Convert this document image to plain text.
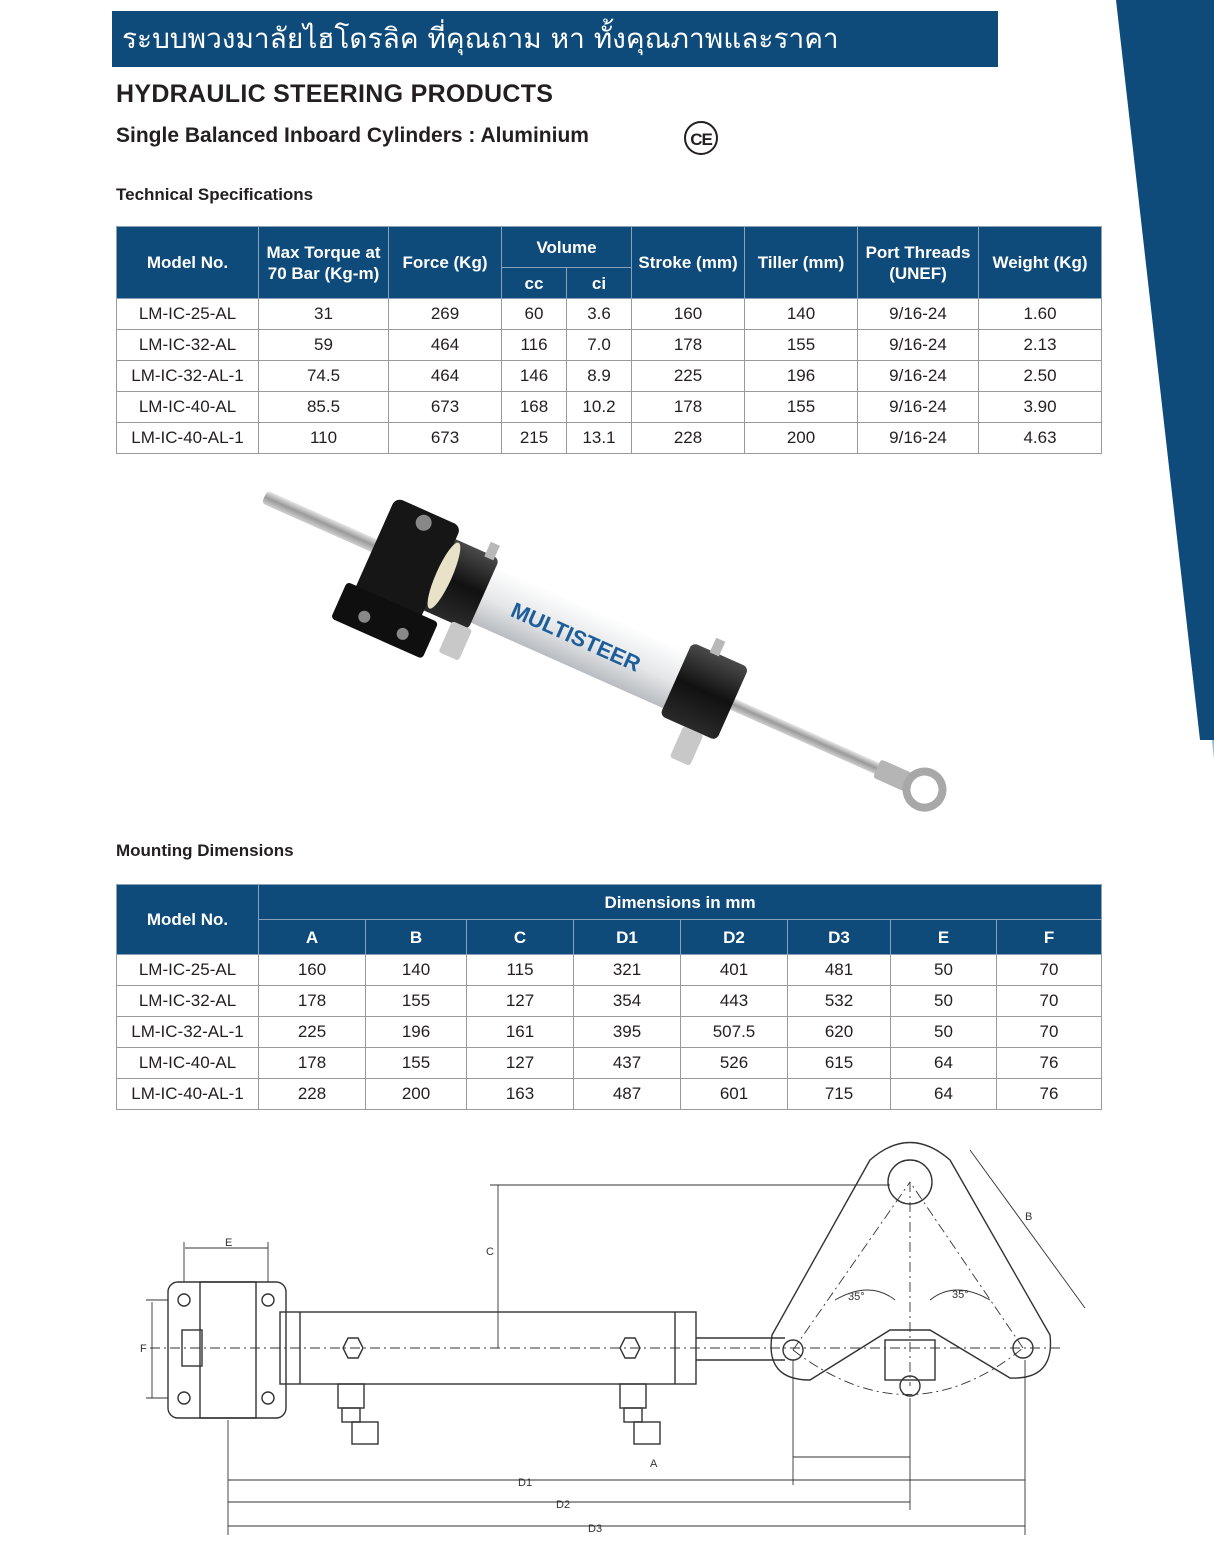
ระบบพวงมาลัยไฮโดรลิค ที่คุณถาม หา ทั้งคุณภาพและราคา
HYDRAULIC STEERING PRODUCTS
Single Balanced Inboard Cylinders : Aluminium	CE
Technical Specifications
Model No.	Max Torque at 70 Bar (Kg-m)	Force (Kg)	Volume		Stroke (mm)	Tiller (mm)	Port Threads (UNEF)	Weight (Kg)
			cc	ci				
LM-IC-25-AL	31	269	60	3.6	160	140	9/16-24	1.60
LM-IC-32-AL	59	464	116	7.0	178	155	9/16-24	2.13
LM-IC-32-AL-1	74.5	464	146	8.9	225	196	9/16-24	2.50
LM-IC-40-AL	85.5	673	168	10.2	178	155	9/16-24	3.90
LM-IC-40-AL-1	110	673	215	13.1	228	200	9/16-24	4.63
MULTISTEER
Mounting Dimensions
Model No.	Dimensions in mm							
	A	B	C	D1	D2	D3	E	F
LM-IC-25-AL	160	140	115	321	401	481	50	70
LM-IC-32-AL	178	155	127	354	443	532	50	70
LM-IC-32-AL-1	225	196	161	395	507.5	620	50	70
LM-IC-40-AL	178	155	127	437	526	615	64	76
LM-IC-40-AL-1	228	200	163	487	601	715	64	76
A
B
C
D1
D2
D3
E
F
35°	35°
